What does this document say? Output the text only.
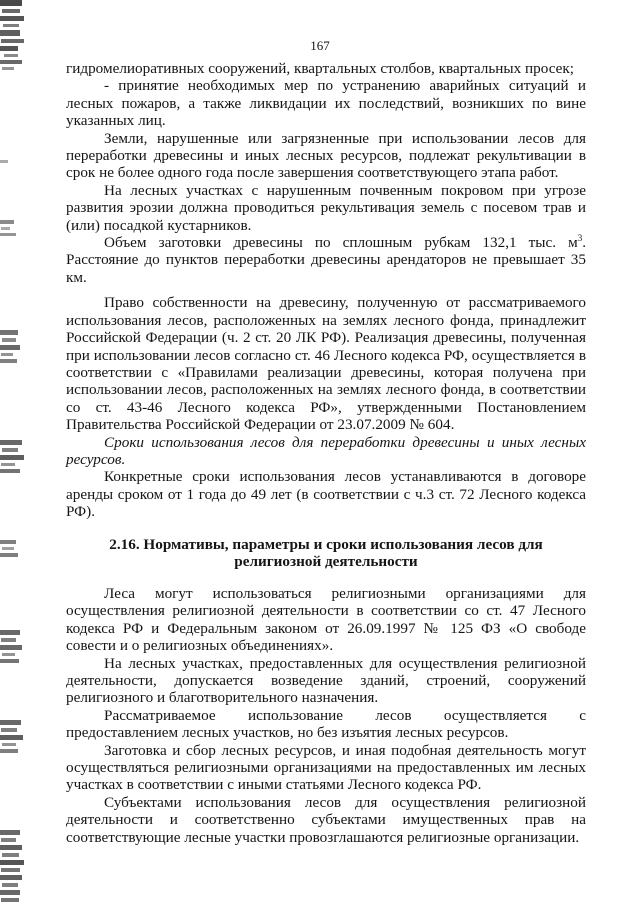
167

гидромелиоративных сооружений, квартальных столбов, квартальных просек;

- принятие необходимых мер по устранению аварийных ситуаций и лесных пожаров, а также ликвидации их последствий, возникших по вине указанных лиц.

Земли, нарушенные или загрязненные при использовании лесов для переработки древесины и иных лесных ресурсов, подлежат рекультивации в срок не более одного года после завершения соответствующего этапа работ.

На лесных участках с нарушенным почвенным покровом при угрозе развития эрозии должна проводиться рекультивация земель с посевом трав и (или) посадкой кустарников.

Объем заготовки древесины по сплошным рубкам 132,1 тыс. $м^3$. Расстояние до пунктов переработки древесины арендаторов не превышает 35 км.

Право собственности на древесину, полученную от рассматриваемого использования лесов, расположенных на землях лесного фонда, принадлежит Российской Федерации (ч. 2 ст. 20 ЛК РФ). Реализация древесины, полученная при использовании лесов согласно ст. 46 Лесного кодекса РФ, осуществляется в соответствии с «Правилами реализации древесины, которая получена при использовании лесов, расположенных на землях лесного фонда, в соответствии со ст. 43-46 Лесного кодекса РФ», утвержденными Постановлением Правительства Российской Федерации от 23.07.2009 № 604.

Сроки использования лесов для переработки древесины и иных лесных ресурсов.

Конкретные сроки использования лесов устанавливаются в договоре аренды сроком от 1 года до 49 лет (в соответствии с ч.3 ст. 72 Лесного кодекса РФ).

2.16. Нормативы, параметры и сроки использования лесов для религиозной деятельности

Леса могут использоваться религиозными организациями для осуществления религиозной деятельности в соответствии со ст. 47 Лесного кодекса РФ и Федеральным законом от 26.09.1997 № 125 ФЗ «О свободе совести и о религиозных объединениях».

На лесных участках, предоставленных для осуществления религиозной деятельности, допускается возведение зданий, строений, сооружений религиозного и благотворительного назначения.

Рассматриваемое использование лесов осуществляется с предоставлением лесных участков, но без изъятия лесных ресурсов.

Заготовка и сбор лесных ресурсов, и иная подобная деятельность могут осуществляться религиозными организациями на предоставленных им лесных участках в соответствии с иными статьями Лесного кодекса РФ.

Субъектами использования лесов для осуществления религиозной деятельности и соответственно субъектами имущественных прав на соответствующие лесные участки провозглашаются религиозные организации.
